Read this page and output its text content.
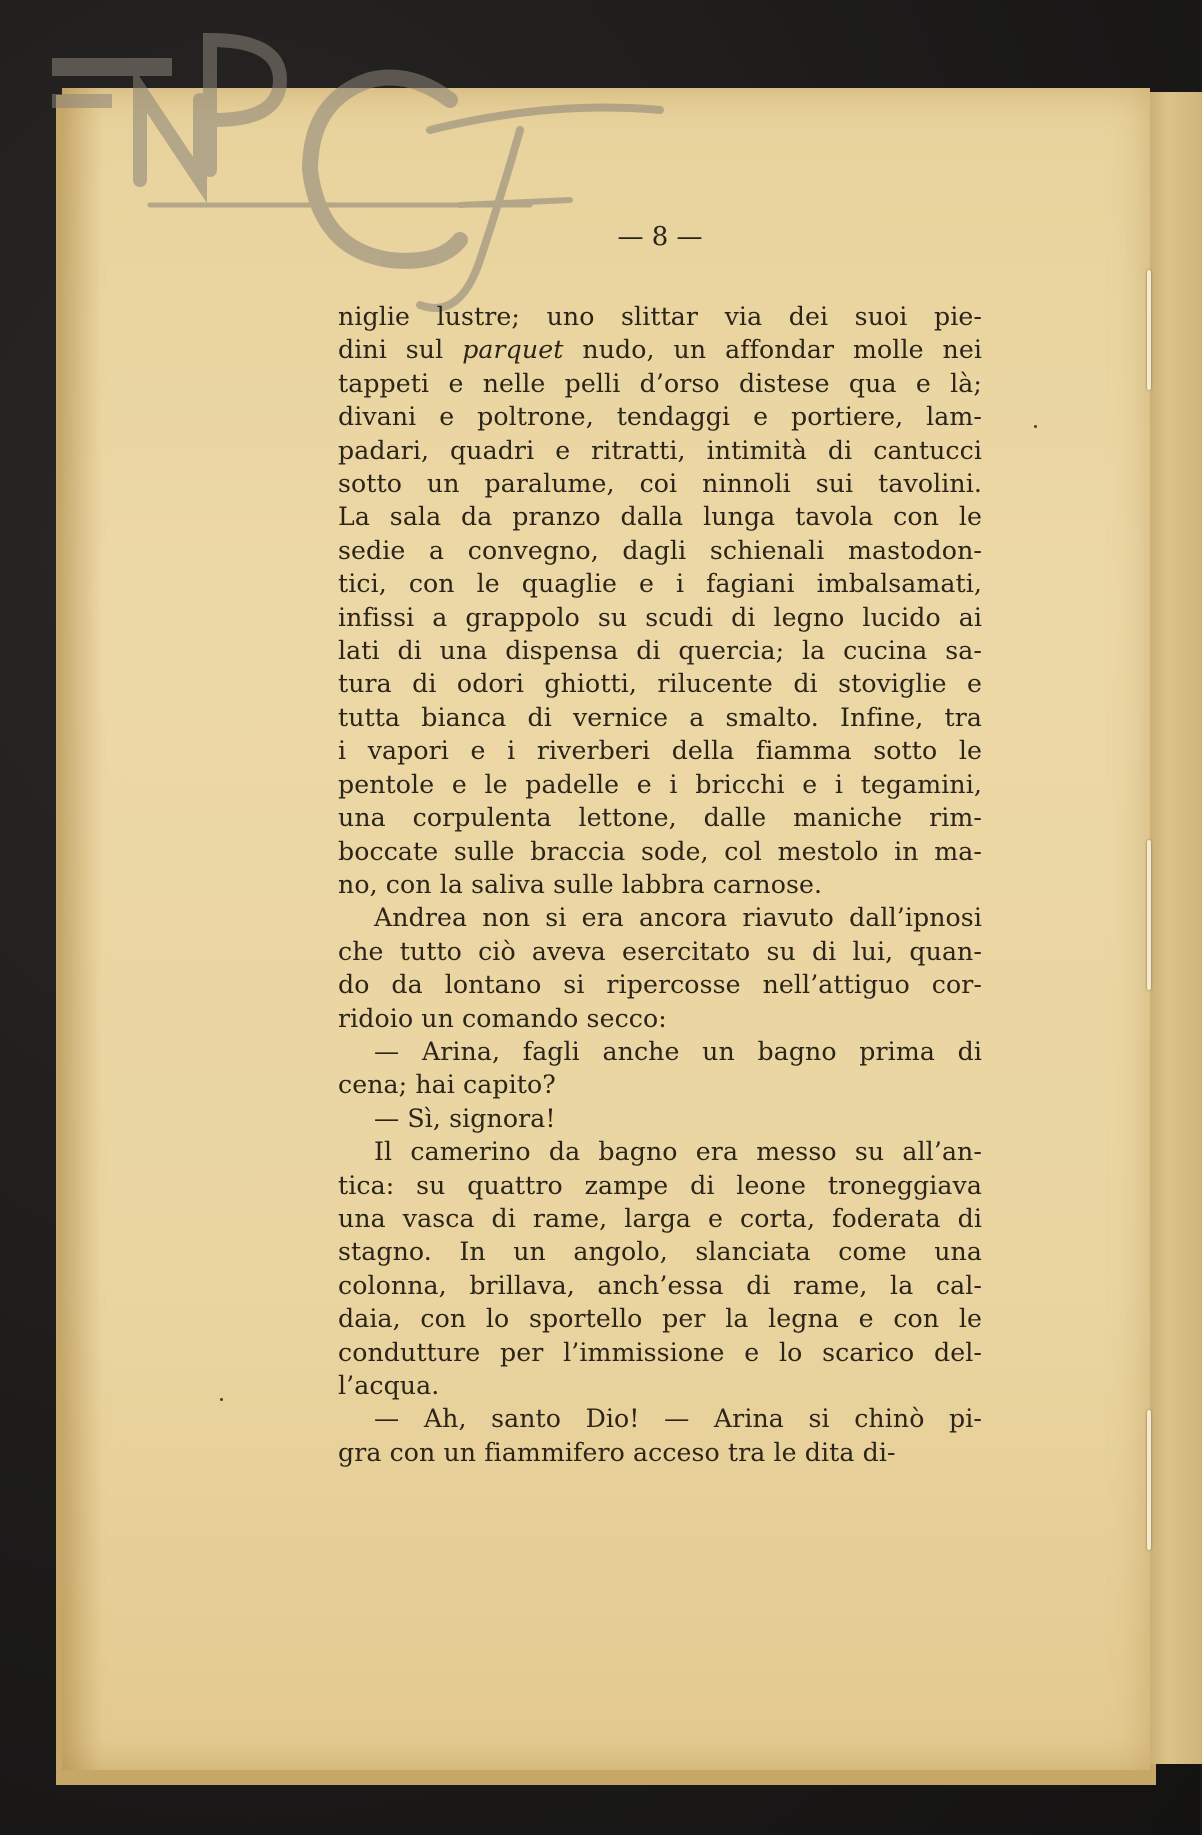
— 8 —
niglie lustre; uno slittar via dei suoi pie-
dini sul parquet nudo, un affondar molle nei
tappeti e nelle pelli d’orso distese qua e là;
divani e poltrone, tendaggi e portiere, lam-
padari, quadri e ritratti, intimità di cantucci
sotto un paralume, coi ninnoli sui tavolini.
La sala da pranzo dalla lunga tavola con le
sedie a convegno, dagli schienali mastodon-
tici, con le quaglie e i fagiani imbalsamati,
infissi a grappolo su scudi di legno lucido ai
lati di una dispensa di quercia; la cucina sa-
tura di odori ghiotti, rilucente di stoviglie e
tutta bianca di vernice a smalto. Infine, tra
i vapori e i riverberi della fiamma sotto le
pentole e le padelle e i bricchi e i tegamini,
una corpulenta lettone, dalle maniche rim-
boccate sulle braccia sode, col mestolo in ma-
no, con la saliva sulle labbra carnose.
Andrea non si era ancora riavuto dall’ipnosi
che tutto ciò aveva esercitato su di lui, quan-
do da lontano si ripercosse nell’attiguo cor-
ridoio un comando secco:
— Arina, fagli anche un bagno prima di
cena; hai capito?
— Sì, signora!
Il camerino da bagno era messo su all’an-
tica: su quattro zampe di leone troneggiava
una vasca di rame, larga e corta, foderata di
stagno. In un angolo, slanciata come una
colonna, brillava, anch’essa di rame, la cal-
daia, con lo sportello per la legna e con le
condutture per l’immissione e lo scarico del-
l’acqua.
— Ah, santo Dio! — Arina si chinò pi-
gra con un fiammifero acceso tra le dita di-
